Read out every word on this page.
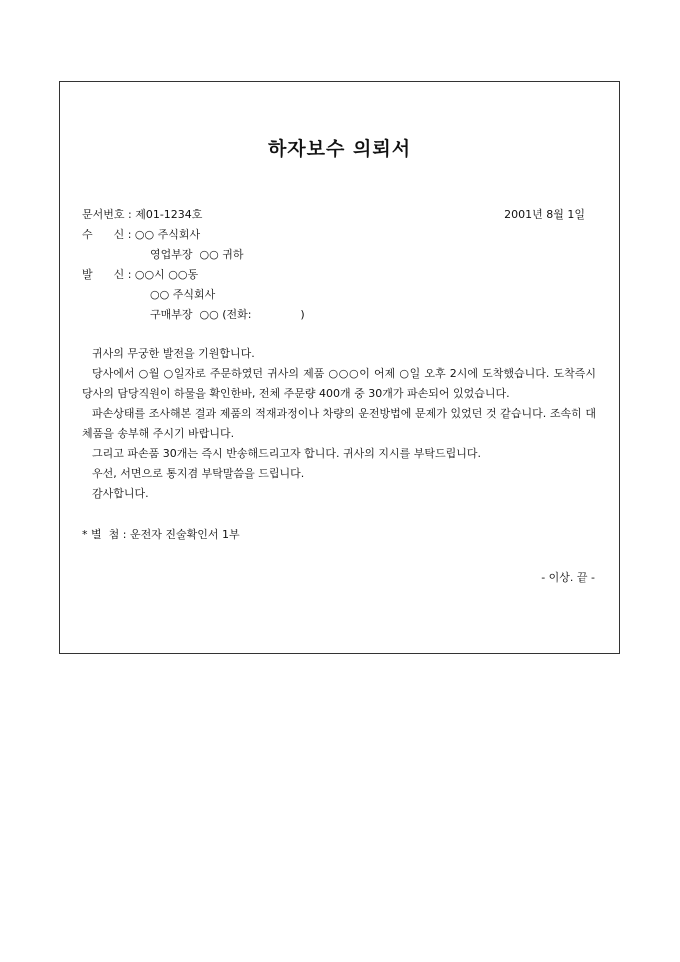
하자보수 의뢰서
문서번호 : 제01-1234호	2001년 8월 1일
수      신 : ○○ 주식회사
영업부장  ○○ 귀하
발      신 : ○○시 ○○동
○○ 주식회사
구매부장  ○○ (전화:              )

귀사의 무궁한 발전을 기원합니다.

당사에서 ○월 ○일자로 주문하였던 귀사의 제품 ○○○이 어제 ○일 오후 2시에 도착했습니다. 도착즉시 당사의 담당직원이 하물을 확인한바, 전체 주문량 400개 중 30개가 파손되어 있었습니다.

파손상태를 조사해본 결과 제품의 적재과정이나 차량의 운전방법에 문제가 있었던 것 같습니다. 조속히 대체품을 송부해 주시기 바랍니다.

그리고 파손품 30개는 즉시 반송해드리고자 합니다. 귀사의 지시를 부탁드립니다.

우선, 서면으로 통지겸 부탁말씀을 드립니다.

감사합니다.

* 별  첨 : 운전자 진술확인서 1부
- 이상. 끝 -
